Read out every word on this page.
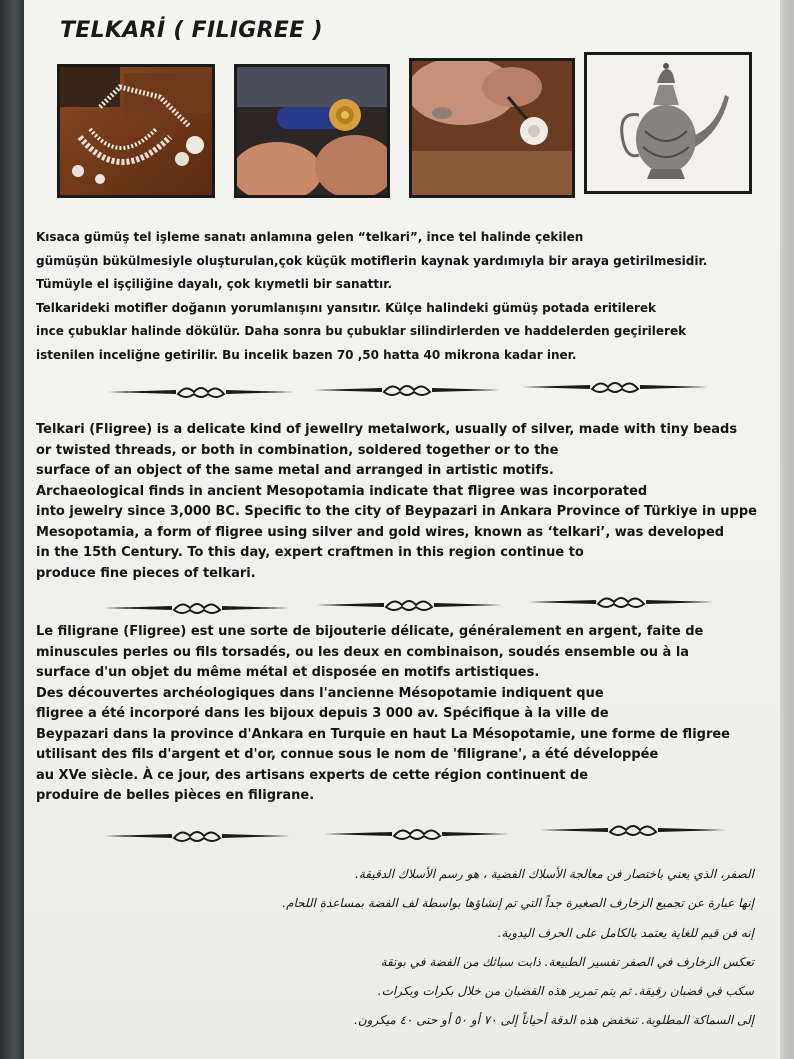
TELKARİ ( FILIGREE )
Kısaca gümüş tel işleme sanatı anlamına gelen “telkari”, ince tel halinde çekilen
gümüşün bükülmesiyle oluşturulan,çok küçük motiflerin kaynak yardımıyla bir araya getirilmesidir.
Tümüyle el işçiliğine dayalı, çok kıymetli bir sanattır.
Telkarideki motifler doğanın yorumlanışını yansıtır. Külçe halindeki gümüş potada eritilerek
ince çubuklar halinde dökülür. Daha sonra bu çubuklar silindirlerden ve haddelerden geçirilerek
istenilen inceliğne getirilir. Bu incelik bazen 70 ,50 hatta 40 mikrona kadar iner.
Telkari (Fligree) is a delicate kind of jewellry metalwork, usually of silver, made with tiny beads
or twisted threads, or both in combination, soldered together or to the
surface of an object of the same metal and arranged in artistic motifs.
Archaeological finds in ancient Mesopotamia indicate that fligree was incorporated
into jewelry since 3,000 BC. Specific to the city of Beypazari in Ankara Province of Türkiye in uppe
Mesopotamia, a form of fligree using silver and gold wires, known as ‘telkari’, was developed
in the 15th Century. To this day, expert craftmen in this region continue to
produce fine pieces of telkari.
Le filigrane (Fligree) est une sorte de bijouterie délicate, généralement en argent, faite de
minuscules perles ou fils torsadés, ou les deux en combinaison, soudés ensemble ou à la
surface d'un objet du même métal et disposée en motifs artistiques.
Des découvertes archéologiques dans l'ancienne Mésopotamie indiquent que
fligree a été incorporé dans les bijoux depuis 3 000 av. Spécifique à la ville de
Beypazari dans la province d'Ankara en Turquie en haut La Mésopotamie, une forme de fligree
utilisant des fils d'argent et d'or, connue sous le nom de 'filigrane', a été développée
au XVe siècle. À ce jour, des artisans experts de cette région continuent de
produire de belles pièces en filigrane.
الصفر، الذي يعني باختصار فن معالجة الأسلاك الفضية ، هو رسم الأسلاك الدقيقة.
إنها عبارة عن تجميع الزخارف الصغيرة جداً التي تم إنشاؤها بواسطة لف الفضة بمساعدة اللحام.
إنه فن قيم للغاية يعتمد بالكامل على الحرف اليدوية.
تعكس الزخارف في الصفر تفسير الطبيعة. ذابت سبائك من الفضة في بوتقة
سكب في قضبان رقيقة. ثم يتم تمرير هذه القضبان من خلال بكرات وبكرات.
إلى السماكة المطلوبة. تنخفض هذه الدقة أحياناً إلى ٧٠ أو ٥٠ أو حتى ٤٠ ميكرون.
